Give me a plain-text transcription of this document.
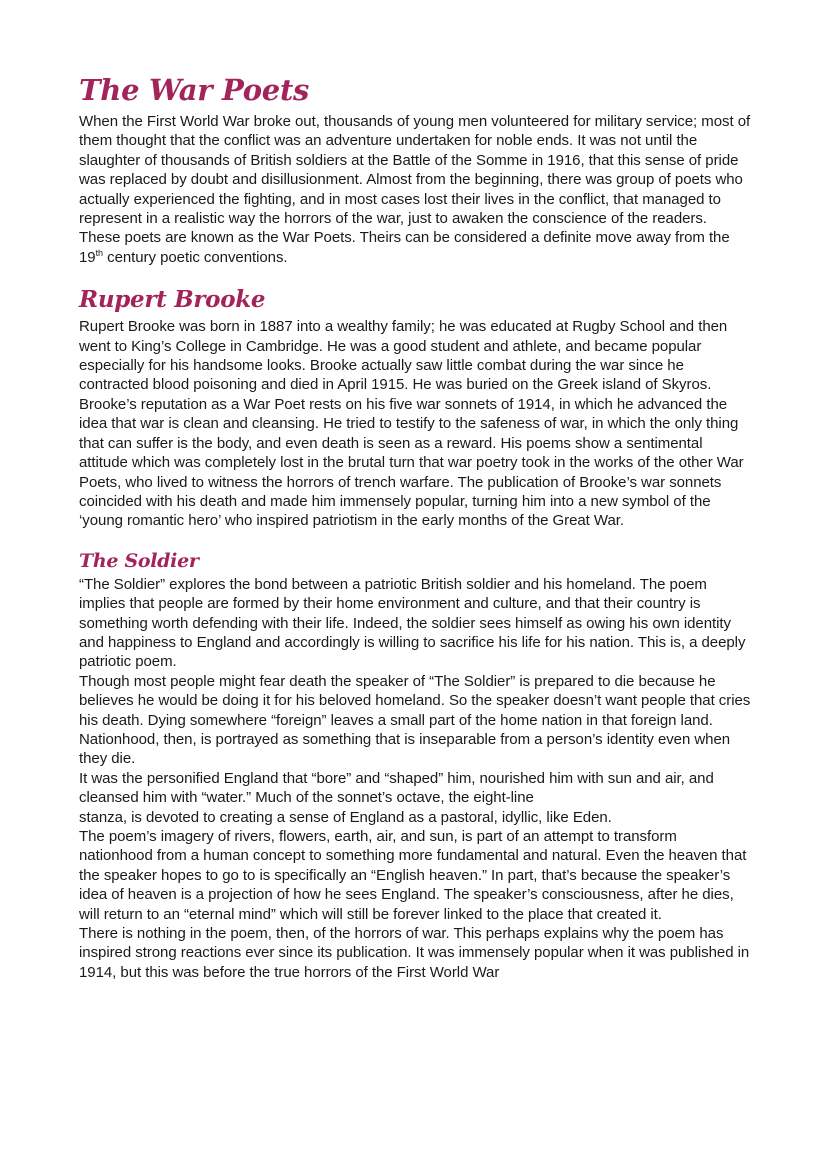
The War Poets

When the First World War broke out, thousands of young men volunteered for military service; most of them thought that the conflict was an adventure undertaken for noble ends. It was not until the slaughter of thousands of British soldiers at the Battle of the Somme in 1916, that this sense of pride was replaced by doubt and disillusionment. Almost from the beginning, there was group of poets who actually experienced the fighting, and in most cases lost their lives in the conflict, that managed to represent in a realistic way the horrors of the war, just to awaken the conscience of the readers. These poets are known as the War Poets. Theirs can be considered a definite move away from the 19th century poetic conventions.

Rupert Brooke

Rupert Brooke was born in 1887 into a wealthy family; he was educated at Rugby School and then went to King’s College in Cambridge. He was a good student and athlete, and became popular especially for his handsome looks. Brooke actually saw little combat during the war since he contracted blood poisoning and died in April 1915. He was buried on the Greek island of Skyros. Brooke’s reputation as a War Poet rests on his five war sonnets of 1914, in which he advanced the idea that war is clean and cleansing. He tried to testify to the safeness of war, in which the only thing that can suffer is the body, and even death is seen as a reward. His poems show a sentimental attitude which was completely lost in the brutal turn that war poetry took in the works of the other War Poets, who lived to witness the horrors of trench warfare. The publication of Brooke’s war sonnets coincided with his death and made him immensely popular, turning him into a new symbol of the ‘young romantic hero’ who inspired patriotism in the early months of the Great War.

The Soldier

“The Soldier” explores the bond between a patriotic British soldier and his homeland. The poem implies that people are formed by their home environment and culture, and that their country is something worth defending with their life. Indeed, the soldier sees himself as owing his own identity and happiness to England and accordingly is willing to sacrifice his life for his nation. This is, a deeply patriotic poem.

Though most people might fear death the speaker of “The Soldier” is prepared to die because he believes he would be doing it for his beloved homeland. So the speaker doesn’t want people that cries his death. Dying somewhere “foreign” leaves a small part of the home nation in that foreign land. Nationhood, then, is portrayed as something that is inseparable from a person’s identity even when they die.

It was the personified England that “bore” and “shaped” him, nourished him with sun and air, and cleansed him with “water.” Much of the sonnet’s octave, the eight-line

stanza, is devoted to creating a sense of England as a pastoral, idyllic, like Eden.

The poem’s imagery of rivers, flowers, earth, air, and sun, is part of an attempt to transform nationhood from a human concept to something more fundamental and natural. Even the heaven that the speaker hopes to go to is specifically an “English heaven.” In part, that’s because the speaker’s idea of heaven is a projection of how he sees England. The speaker’s consciousness, after he dies, will return to an “eternal mind” which will still be forever linked to the place that created it.

There is nothing in the poem, then, of the horrors of war. This perhaps explains why the poem has inspired strong reactions ever since its publication. It was immensely popular when it was published in 1914, but this was before the true horrors of the First World War
